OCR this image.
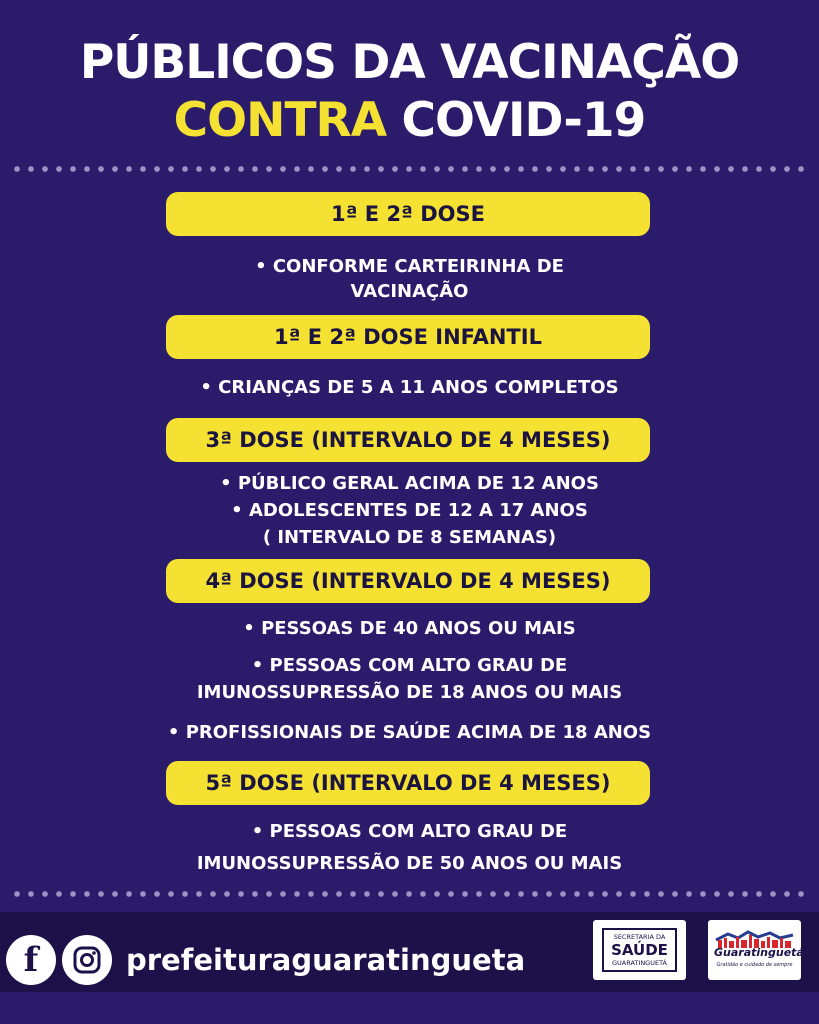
PÚBLICOS DA VACINAÇÃO
CONTRA COVID-19
1ª E 2ª DOSE
• CONFORME CARTEIRINHA DE
VACINAÇÃO
1ª E 2ª DOSE INFANTIL
• CRIANÇAS DE 5 A 11 ANOS COMPLETOS
3ª DOSE (INTERVALO DE 4 MESES)
• PÚBLICO GERAL ACIMA DE 12 ANOS
• ADOLESCENTES DE 12 A 17 ANOS
( INTERVALO DE 8 SEMANAS)
4ª DOSE (INTERVALO DE 4 MESES)
• PESSOAS DE 40 ANOS OU MAIS
• PESSOAS COM ALTO GRAU DE
IMUNOSSUPRESSÃO DE 18 ANOS OU MAIS
• PROFISSIONAIS DE SAÚDE ACIMA DE 18 ANOS
5ª DOSE (INTERVALO DE 4 MESES)
• PESSOAS COM ALTO GRAU DE
IMUNOSSUPRESSÃO DE 50 ANOS OU MAIS
f	prefeituraguaratingueta
SECRETARIA DA
SAÚDE
GUARATINGUETÁ
Guaratinguetá
Gratidão e cuidado de sempre
